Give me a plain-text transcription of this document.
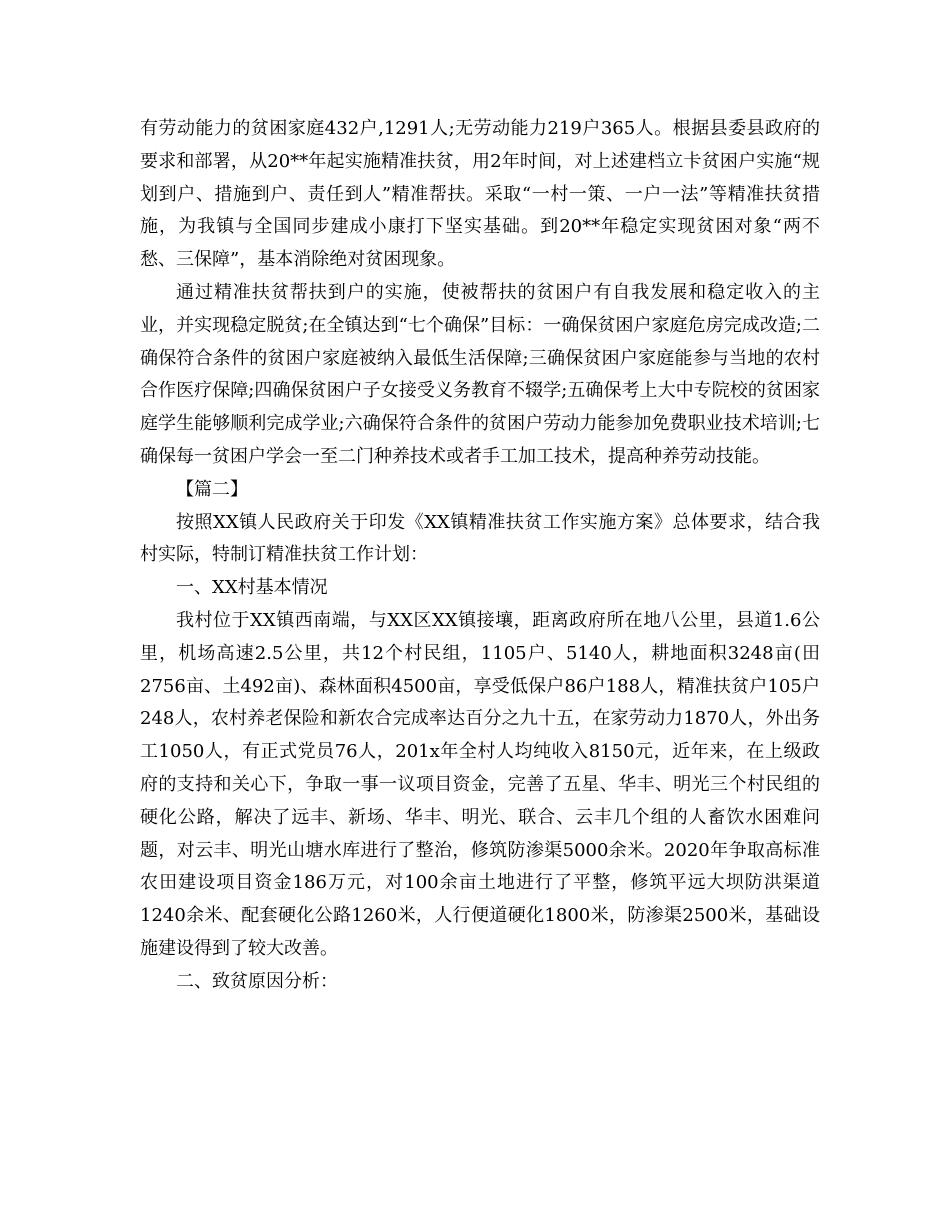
有劳动能力的贫困家庭432户,1291人;无劳动能力219户365人。根据县委县政府的要求和部署，从20**年起实施精准扶贫，用2年时间，对上述建档立卡贫困户实施“规划到户、措施到户、责任到人”精准帮扶。采取“一村一策、一户一法”等精准扶贫措施，为我镇与全国同步建成小康打下坚实基础。到20**年稳定实现贫困对象“两不愁、三保障”，基本消除绝对贫困现象。

通过精准扶贫帮扶到户的实施，使被帮扶的贫困户有自我发展和稳定收入的主业，并实现稳定脱贫;在全镇达到“七个确保”目标：一确保贫困户家庭危房完成改造;二确保符合条件的贫困户家庭被纳入最低生活保障;三确保贫困户家庭能参与当地的农村合作医疗保障;四确保贫困户子女接受义务教育不辍学;五确保考上大中专院校的贫困家庭学生能够顺利完成学业;六确保符合条件的贫困户劳动力能参加免费职业技术培训;七确保每一贫困户学会一至二门种养技术或者手工加工技术，提高种养劳动技能。

【篇二】

按照XX镇人民政府关于印发《XX镇精准扶贫工作实施方案》总体要求，结合我村实际，特制订精准扶贫工作计划：

一、XX村基本情况

我村位于XX镇西南端，与XX区XX镇接壤，距离政府所在地八公里，县道1.6公里，机场高速2.5公里，共12个村民组，1105户、5140人，耕地面积3248亩(田2756亩、土492亩)、森林面积4500亩，享受低保户86户188人，精准扶贫户105户248人，农村养老保险和新农合完成率达百分之九十五，在家劳动力1870人，外出务工1050人，有正式党员76人，201x年全村人均纯收入8150元，近年来，在上级政府的支持和关心下，争取一事一议项目资金，完善了五星、华丰、明光三个村民组的硬化公路，解决了远丰、新场、华丰、明光、联合、云丰几个组的人畜饮水困难问题，对云丰、明光山塘水库进行了整治，修筑防渗渠5000余米。2020年争取高标准农田建设项目资金186万元，对100余亩土地进行了平整，修筑平远大坝防洪渠道1240余米、配套硬化公路1260米，人行便道硬化1800米，防渗渠2500米，基础设施建设得到了较大改善。

二、致贫原因分析：
